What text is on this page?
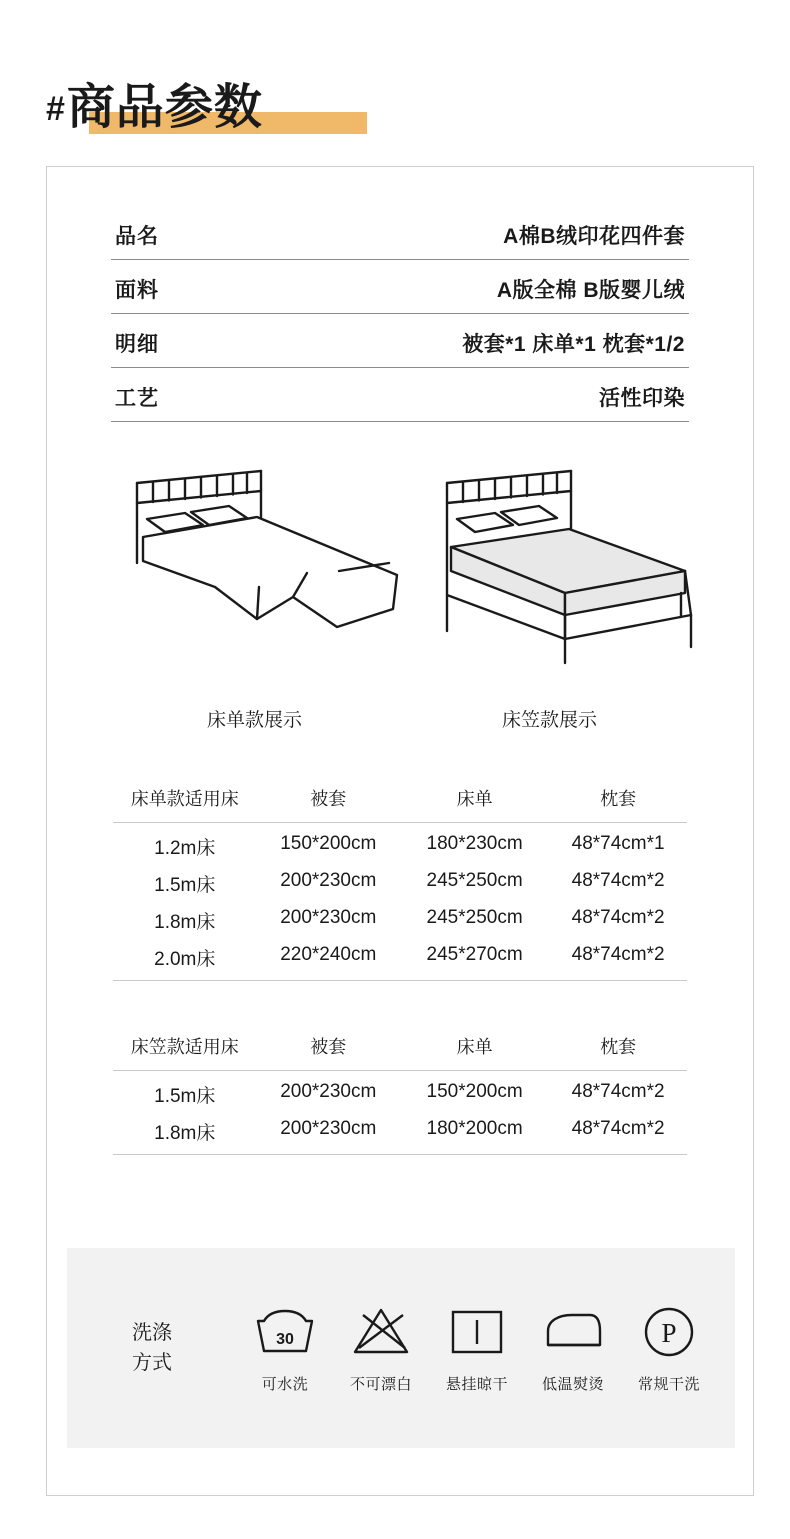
# 商品参数
品名	A棉B绒印花四件套
面料	A版全棉 B版婴儿绒
明细	被套*1 床单*1 枕套*1/2
工艺	活性印染
床单款展示	床笠款展示
床单款适用床	被套	床单	枕套
1.2m床	150*200cm	180*230cm	48*74cm*1
1.5m床	200*230cm	245*250cm	48*74cm*2
1.8m床	200*230cm	245*250cm	48*74cm*2
2.0m床	220*240cm	245*270cm	48*74cm*2
床笠款适用床	被套	床单	枕套
1.5m床	200*230cm	150*200cm	48*74cm*2
1.8m床	200*230cm	180*200cm	48*74cm*2
洗涤
方式
30
可水洗	不可漂白 悬挂晾干 低温熨烫
P
常规干洗
